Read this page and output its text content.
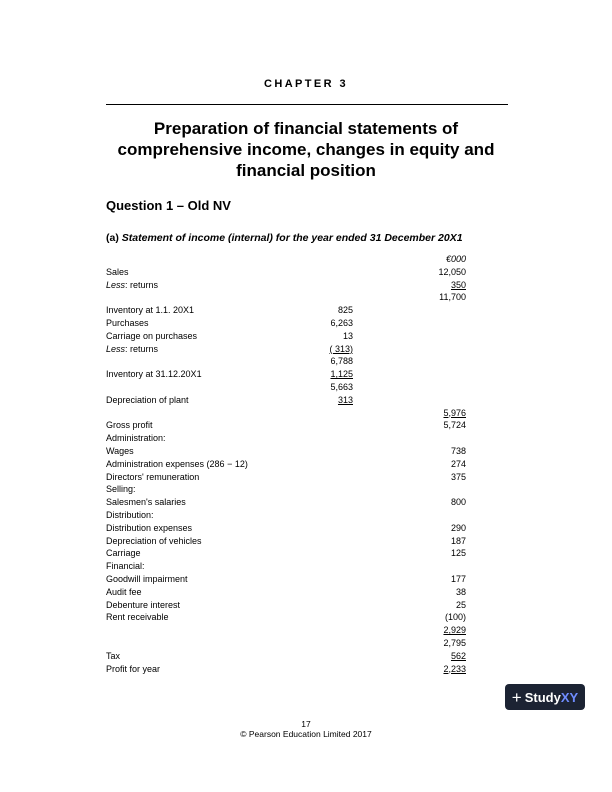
CHAPTER 3
Preparation of financial statements of
comprehensive income, changes in equity and
financial position
Question 1 – Old NV
(a) Statement of income (internal) for the year ended 31 December 20X1
€000
Sales	12,050
Less: returns	350
11,700
Inventory at 1.1. 20X1	825
Purchases	6,263
Carriage on purchases	13
Less: returns	( 313)
6,788
Inventory at 31.12.20X1	1,125
5,663
Depreciation of plant	313
5,976
Gross profit	5,724
Administration:
Wages	738
Administration expenses (286 − 12)	274
Directors' remuneration	375
Selling:
Salesmen's salaries	800
Distribution:
Distribution expenses	290
Depreciation of vehicles	187
Carriage	125
Financial:
Goodwill impairment	177
Audit fee	38
Debenture interest	25
Rent receivable	(100)
2,929
2,795
Tax	562
Profit for year	2,233
+ StudyXY
17
© Pearson Education Limited 2017
